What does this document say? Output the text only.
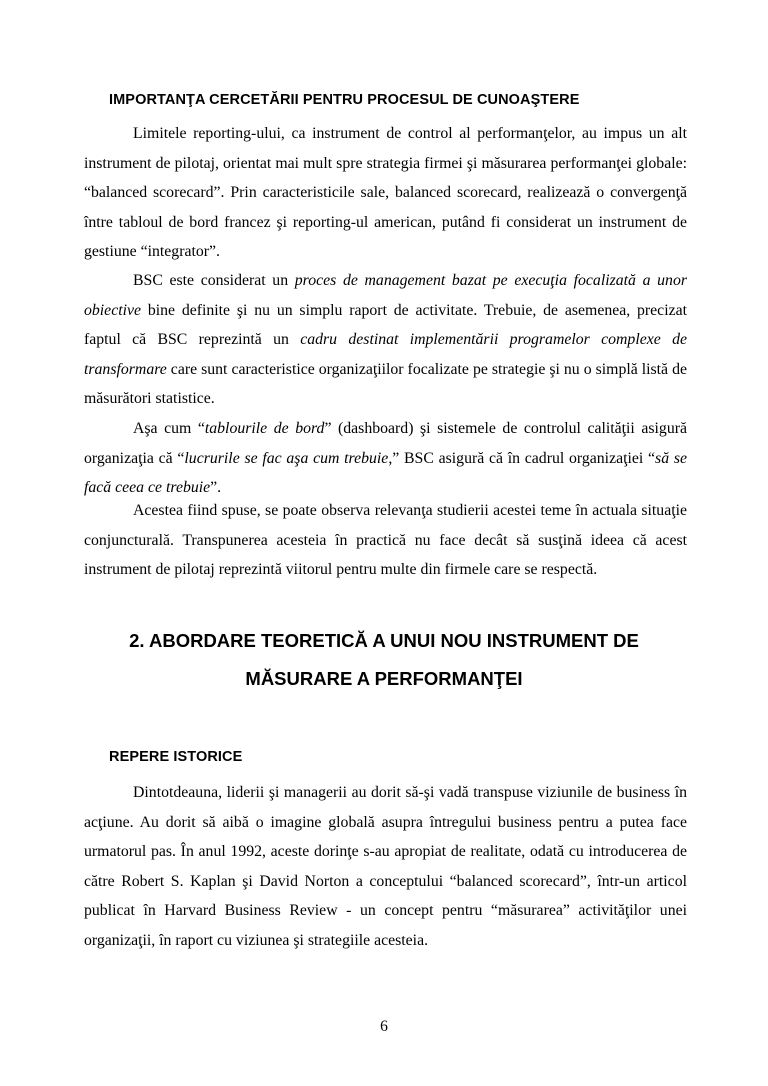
IMPORTANŢA CERCETĂRII PENTRU PROCESUL DE CUNOAŞTERE

Limitele reporting-ului, ca instrument de control al performanţelor, au impus un alt instrument de pilotaj, orientat mai mult spre strategia firmei şi măsurarea performanţei globale: “balanced scorecard”. Prin caracteristicile sale, balanced scorecard, realizează o convergenţă între tabloul de bord francez şi reporting-ul american, putând fi considerat un instrument de gestiune “integrator”.

BSC este considerat un proces de management bazat pe execuţia focalizată a unor obiective bine definite şi nu un simplu raport de activitate. Trebuie, de asemenea, precizat faptul că BSC reprezintă un cadru destinat implementării programelor complexe de transformare care sunt caracteristice organizaţiilor focalizate pe strategie şi nu o simplă listă de măsurători statistice.

Aşa cum “tablourile de bord” (dashboard) şi sistemele de controlul calităţii asigură organizaţia că “lucrurile se fac aşa cum trebuie,” BSC asigură că în cadrul organizaţiei “să se facă ceea ce trebuie”.

Acestea fiind spuse, se poate observa relevanţa studierii acestei teme în actuala situaţie conjuncturală. Transpunerea acesteia în practică nu face decât să susţină ideea că acest instrument de pilotaj reprezintă viitorul pentru multe din firmele care se respectă.

2. ABORDARE TEORETICĂ A UNUI NOU INSTRUMENT DE
MĂSURARE A PERFORMANŢEI
REPERE ISTORICE

Dintotdeauna, liderii şi managerii au dorit să-şi vadă transpuse viziunile de business în acţiune. Au dorit să aibă o imagine globală asupra întregului business pentru a putea face urmatorul pas. În anul 1992, aceste dorinţe s-au apropiat de realitate, odată cu introducerea de către Robert S. Kaplan şi David Norton a conceptului “balanced scorecard”, într-un articol publicat în Harvard Business Review - un concept pentru “măsurarea” activităţilor unei organizaţii, în raport cu viziunea şi strategiile acesteia.

6
